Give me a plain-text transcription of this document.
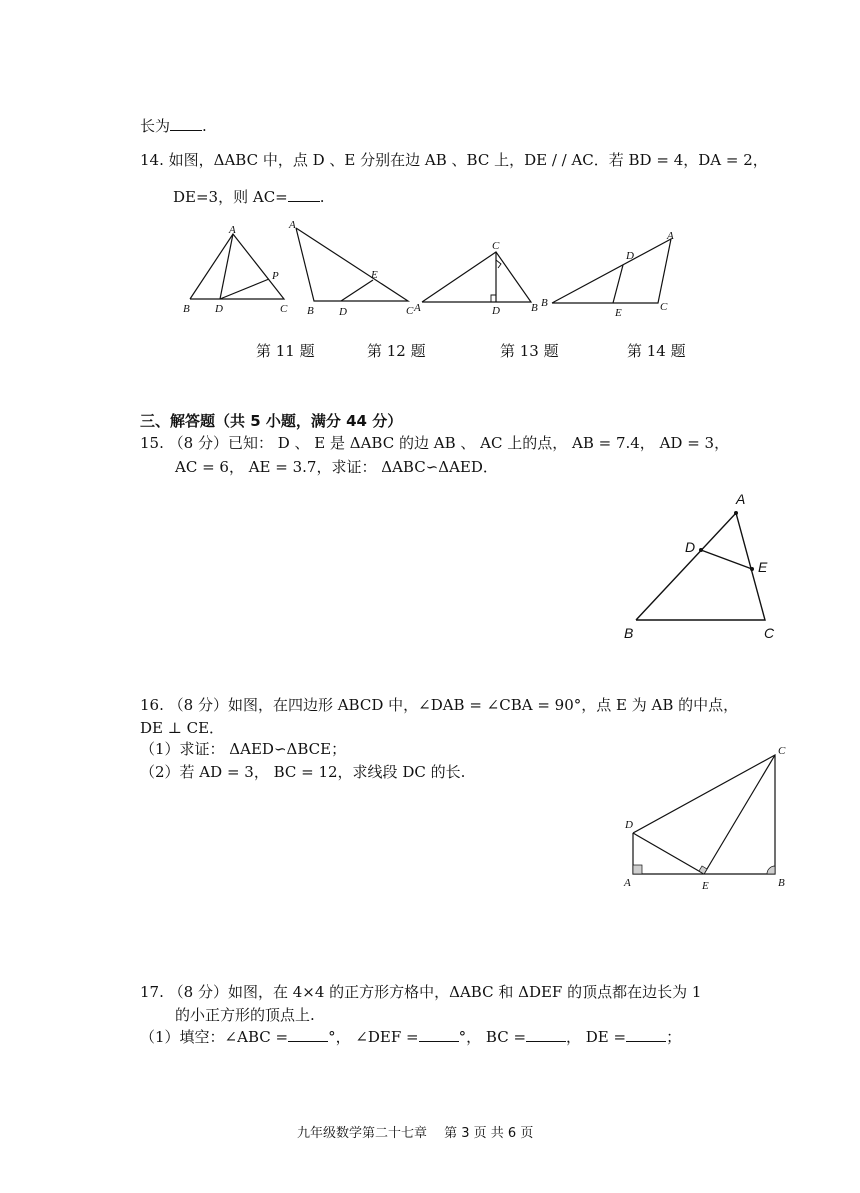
长为 .
14. 如图，ΔABC 中，点 D 、E 分别在边 AB 、BC 上，DE / / AC．若 BD = 4，DA = 2，
DE=3，则 AC= .
A
P
B D	C
A
E
B D	C
C
A	D	B
A
D
B
E	C
第 11 题	第 12 题	第 13 题	第 14 题
三、解答题（共 5 小题，满分 44 分）
15. （8 分）已知： D 、 E 是 ΔABC 的边 AB 、 AC 上的点， AB = 7.4， AD = 3，
AC = 6， AE = 3.7，求证： ΔABC∽ΔAED．
A
D
E
B	C
16. （8 分）如图，在四边形 ABCD 中，∠DAB = ∠CBA = 90°，点 E 为 AB 的中点，
DE ⊥ CE．
（1）求证： ΔAED∽ΔBCE；
（2）若 AD = 3， BC = 12，求线段 DC 的长.
C
D
A	E	B
17. （8 分）如图，在 4×4 的正方形方格中，ΔABC 和 ΔDEF 的顶点都在边长为 1
的小正方形的顶点上.
（1）填空：∠ABC =	°， ∠DEF =	°， BC =	， DE =	；
九年级数学第二十七章　 第 3 页 共 6 页
